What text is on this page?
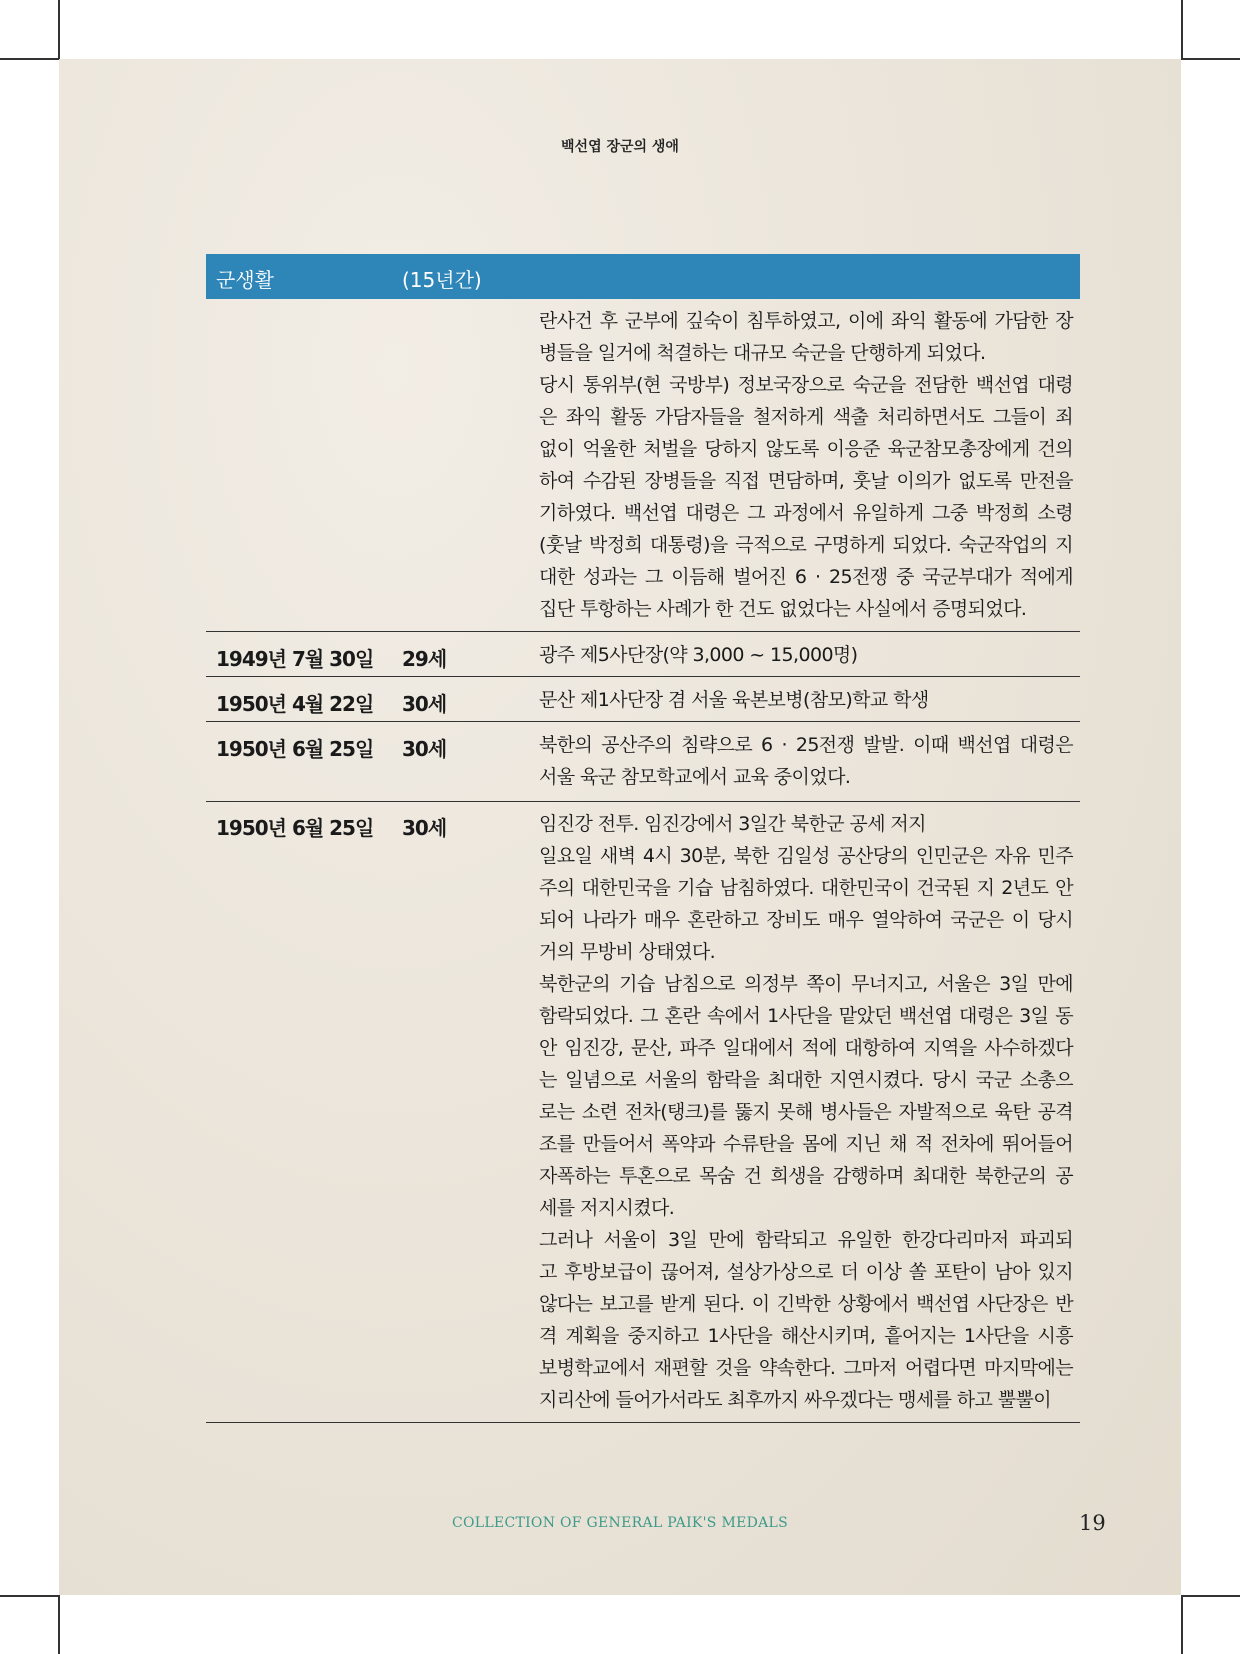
백선엽 장군의 생애
군생활	(15년간)
란사건 후 군부에 깊숙이 침투하였고, 이에 좌익 활동에 가담한 장
병들을 일거에 척결하는 대규모 숙군을 단행하게 되었다.
당시 통위부(현 국방부) 정보국장으로 숙군을 전담한 백선엽 대령
은 좌익 활동 가담자들을 철저하게 색출 처리하면서도 그들이 죄
없이 억울한 처벌을 당하지 않도록 이응준 육군참모총장에게 건의
하여 수감된 장병들을 직접 면담하며, 훗날 이의가 없도록 만전을
기하였다. 백선엽 대령은 그 과정에서 유일하게 그중 박정희 소령
(훗날 박정희 대통령)을 극적으로 구명하게 되었다. 숙군작업의 지
대한 성과는 그 이듬해 벌어진 6 · 25전쟁 중 국군부대가 적에게
집단 투항하는 사례가 한 건도 없었다는 사실에서 증명되었다.
1949년 7월 30일 29세	광주 제5사단장(약 3,000 ~ 15,000명)
1950년 4월 22일 30세	문산 제1사단장 겸 서울 육본보병(참모)학교 학생
1950년 6월 25일 30세	북한의 공산주의 침략으로 6 · 25전쟁 발발. 이때 백선엽 대령은
서울 육군 참모학교에서 교육 중이었다.
1950년 6월 25일 30세	임진강 전투. 임진강에서 3일간 북한군 공세 저지
일요일 새벽 4시 30분, 북한 김일성 공산당의 인민군은 자유 민주
주의 대한민국을 기습 남침하였다. 대한민국이 건국된 지 2년도 안
되어 나라가 매우 혼란하고 장비도 매우 열악하여 국군은 이 당시
거의 무방비 상태였다.
북한군의 기습 남침으로 의정부 쪽이 무너지고, 서울은 3일 만에
함락되었다. 그 혼란 속에서 1사단을 맡았던 백선엽 대령은 3일 동
안 임진강, 문산, 파주 일대에서 적에 대항하여 지역을 사수하겠다
는 일념으로 서울의 함락을 최대한 지연시켰다. 당시 국군 소총으
로는 소련 전차(탱크)를 뚫지 못해 병사들은 자발적으로 육탄 공격
조를 만들어서 폭약과 수류탄을 몸에 지닌 채 적 전차에 뛰어들어
자폭하는 투혼으로 목숨 건 희생을 감행하며 최대한 북한군의 공
세를 저지시켰다.
그러나 서울이 3일 만에 함락되고 유일한 한강다리마저 파괴되
고 후방보급이 끊어져, 설상가상으로 더 이상 쏠 포탄이 남아 있지
않다는 보고를 받게 된다. 이 긴박한 상황에서 백선엽 사단장은 반
격 계획을 중지하고 1사단을 해산시키며, 흩어지는 1사단을 시흥
보병학교에서 재편할 것을 약속한다. 그마저 어렵다면 마지막에는
지리산에 들어가서라도 최후까지 싸우겠다는 맹세를 하고 뿔뿔이
COLLECTION OF GENERAL PAIK'S MEDALS	19
